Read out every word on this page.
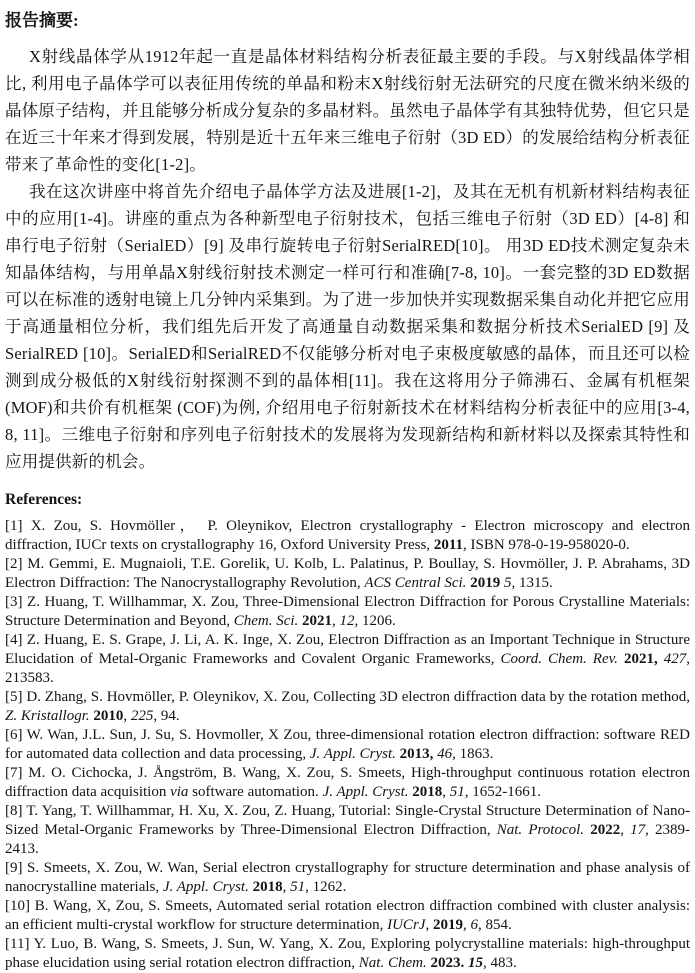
报告摘要:

X射线晶体学从1912年起一直是晶体材料结构分析表征最主要的手段。与X射线晶体学相比, 利用电子晶体学可以表征用传统的单晶和粉末X射线衍射无法研究的尺度在微米纳米级的晶体原子结构，并且能够分析成分复杂的多晶材料。虽然电子晶体学有其独特优势，但它只是在近三十年来才得到发展，特别是近十五年来三维电子衍射（3D ED）的发展给结构分析表征带来了革命性的变化[1-2]。

我在这次讲座中将首先介绍电子晶体学方法及进展[1-2]，及其在无机有机新材料结构表征中的应用[1-4]。讲座的重点为各种新型电子衍射技术，包括三维电子衍射（3D ED）[4-8] 和串行电子衍射（SerialED）[9] 及串行旋转电子衍射SerialRED[10]。 用3D ED技术测定复杂未知晶体结构，与用单晶X射线衍射技术测定一样可行和准确[7-8, 10]。一套完整的3D ED数据可以在标准的透射电镜上几分钟内采集到。为了进一步加快并实现数据采集自动化并把它应用于高通量相位分析，我们组先后开发了高通量自动数据采集和数据分析技术SerialED [9] 及SerialRED [10]。SerialED和SerialRED不仅能够分析对电子束极度敏感的晶体，而且还可以检测到成分极低的X射线衍射探测不到的晶体相[11]。我在这将用分子筛沸石、金属有机框架(MOF)和共价有机框架 (COF)为例, 介绍用电子衍射新技术在材料结构分析表征中的应用[3-4, 8, 11]。三维电子衍射和序列电子衍射技术的发展将为发现新结构和新材料以及探索其特性和应用提供新的机会。

References:

[1] X. Zou, S. Hovmöller， P. Oleynikov, Electron crystallography - Electron microscopy and electron diffraction, IUCr texts on crystallography 16, Oxford University Press, 2011, ISBN 978-0-19-958020-0.

[2] M. Gemmi, E. Mugnaioli, T.E. Gorelik, U. Kolb, L. Palatinus, P. Boullay, S. Hovmöller, J. P. Abrahams, 3D Electron Diffraction: The Nanocrystallography Revolution, ACS Central Sci. 2019 5, 1315.

[3] Z. Huang, T. Willhammar, X. Zou, Three-Dimensional Electron Diffraction for Porous Crystalline Materials: Structure Determination and Beyond, Chem. Sci. 2021, 12, 1206.

[4] Z. Huang, E. S. Grape, J. Li, A. K. Inge, X. Zou, Electron Diffraction as an Important Technique in Structure Elucidation of Metal-Organic Frameworks and Covalent Organic Frameworks, Coord. Chem. Rev. 2021, 427, 213583.

[5] D. Zhang, S. Hovmöller, P. Oleynikov, X. Zou, Collecting 3D electron diffraction data by the rotation method, Z. Kristallogr. 2010, 225, 94.

[6] W. Wan, J.L. Sun, J. Su, S. Hovmoller, X Zou, three-dimensional rotation electron diffraction: software RED for automated data collection and data processing, J. Appl. Cryst. 2013, 46, 1863.

[7] M. O. Cichocka, J. Ångström, B. Wang, X. Zou, S. Smeets, High-throughput continuous rotation electron diffraction data acquisition via software automation. J. Appl. Cryst. 2018, 51, 1652-1661.

[8] T. Yang, T. Willhammar, H. Xu, X. Zou, Z. Huang, Tutorial: Single-Crystal Structure Determination of Nano-Sized Metal-Organic Frameworks by Three-Dimensional Electron Diffraction, Nat. Protocol. 2022, 17, 2389-2413.

[9] S. Smeets, X. Zou, W. Wan, Serial electron crystallography for structure determination and phase analysis of nanocrystalline materials, J. Appl. Cryst. 2018, 51, 1262.

[10] B. Wang, X, Zou, S. Smeets, Automated serial rotation electron diffraction combined with cluster analysis: an efficient multi-crystal workflow for structure determination, IUCrJ, 2019, 6, 854.

[11] Y. Luo, B. Wang, S. Smeets, J. Sun, W. Yang, X. Zou, Exploring polycrystalline materials: high-throughput phase elucidation using serial rotation electron diffraction, Nat. Chem. 2023. 15, 483.
